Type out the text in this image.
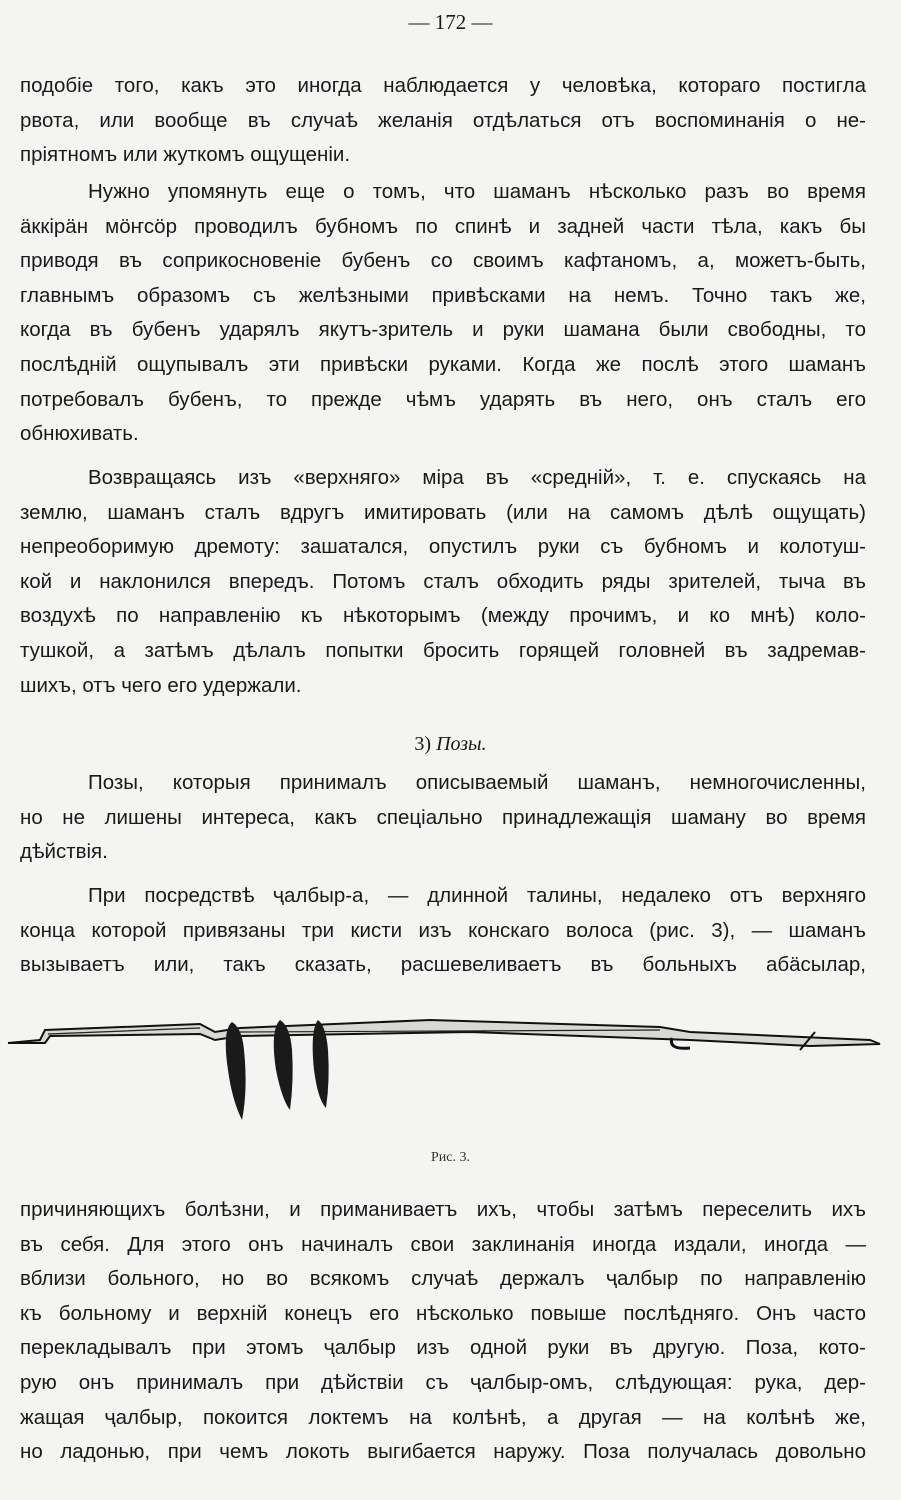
— 172 —
подобіе того, какъ это иногда наблюдается у человѣка, котораго постигла
рвота, или вообще въ случаѣ желанія отдѣлаться отъ воспоминанія о не-
пріятномъ или жуткомъ ощущеніи.
Нужно упомянуть еще о томъ, что шаманъ нѣсколько разъ во время
äккірäн мöҥсöр проводилъ бубномъ по спинѣ и задней части тѣла, какъ бы
приводя въ соприкосновеніе бубенъ со своимъ кафтаномъ, а, можетъ-быть,
главнымъ образомъ съ желѣзными привѣсками на немъ. Точно такъ же,
когда въ бубенъ ударялъ якутъ-зритель и руки шамана были свободны, то
послѣдній ощупывалъ эти привѣски руками. Когда же послѣ этого шаманъ
потребовалъ бубенъ, то прежде чѣмъ ударять въ него, онъ сталъ его
обнюхивать.
Возвращаясь изъ «верхняго» міра въ «средній», т. е. спускаясь на
землю, шаманъ сталъ вдругъ имитировать (или на самомъ дѣлѣ ощущать)
непреоборимую дремоту: зашатался, опустилъ руки съ бубномъ и колотуш-
кой и наклонился впередъ. Потомъ сталъ обходить ряды зрителей, тыча въ
воздухѣ по направленію къ нѣкоторымъ (между прочимъ, и ко мнѣ) коло-
тушкой, а затѣмъ дѣлалъ попытки бросить горящей головней въ задремав-
шихъ, отъ чего его удержали.
Позы, которыя принималъ описываемый шаманъ, немногочисленны,
но не лишены интереса, какъ спеціально принадлежащія шаману во время
дѣйствія.
При посредствѣ ҷалбыр-а, — длинной талины, недалеко отъ верхняго
конца которой привязаны три кисти изъ конскаго волоса (рис. 3), — шаманъ
вызываетъ или, такъ сказать, расшевеливаетъ въ больныхъ абäсылар,
причиняющихъ болѣзни, и приманиваетъ ихъ, чтобы затѣмъ переселить ихъ
въ себя. Для этого онъ начиналъ свои заклинанія иногда издали, иногда —
вблизи больного, но во всякомъ случаѣ держалъ ҷалбыр по направленію
къ больному и верхній конецъ его нѣсколько повыше послѣдняго. Онъ часто
перекладывалъ при этомъ ҷалбыр изъ одной руки въ другую. Поза, кото-
рую онъ принималъ при дѣйствіи съ ҷалбыр-омъ, слѣдующая: рука, дер-
жащая ҷалбыр, покоится локтемъ на колѣнѣ, а другая — на колѣнѣ же,
но ладонью, при чемъ локоть выгибается наружу. Поза получалась довольно
3) Позы.
Рис. 3.
